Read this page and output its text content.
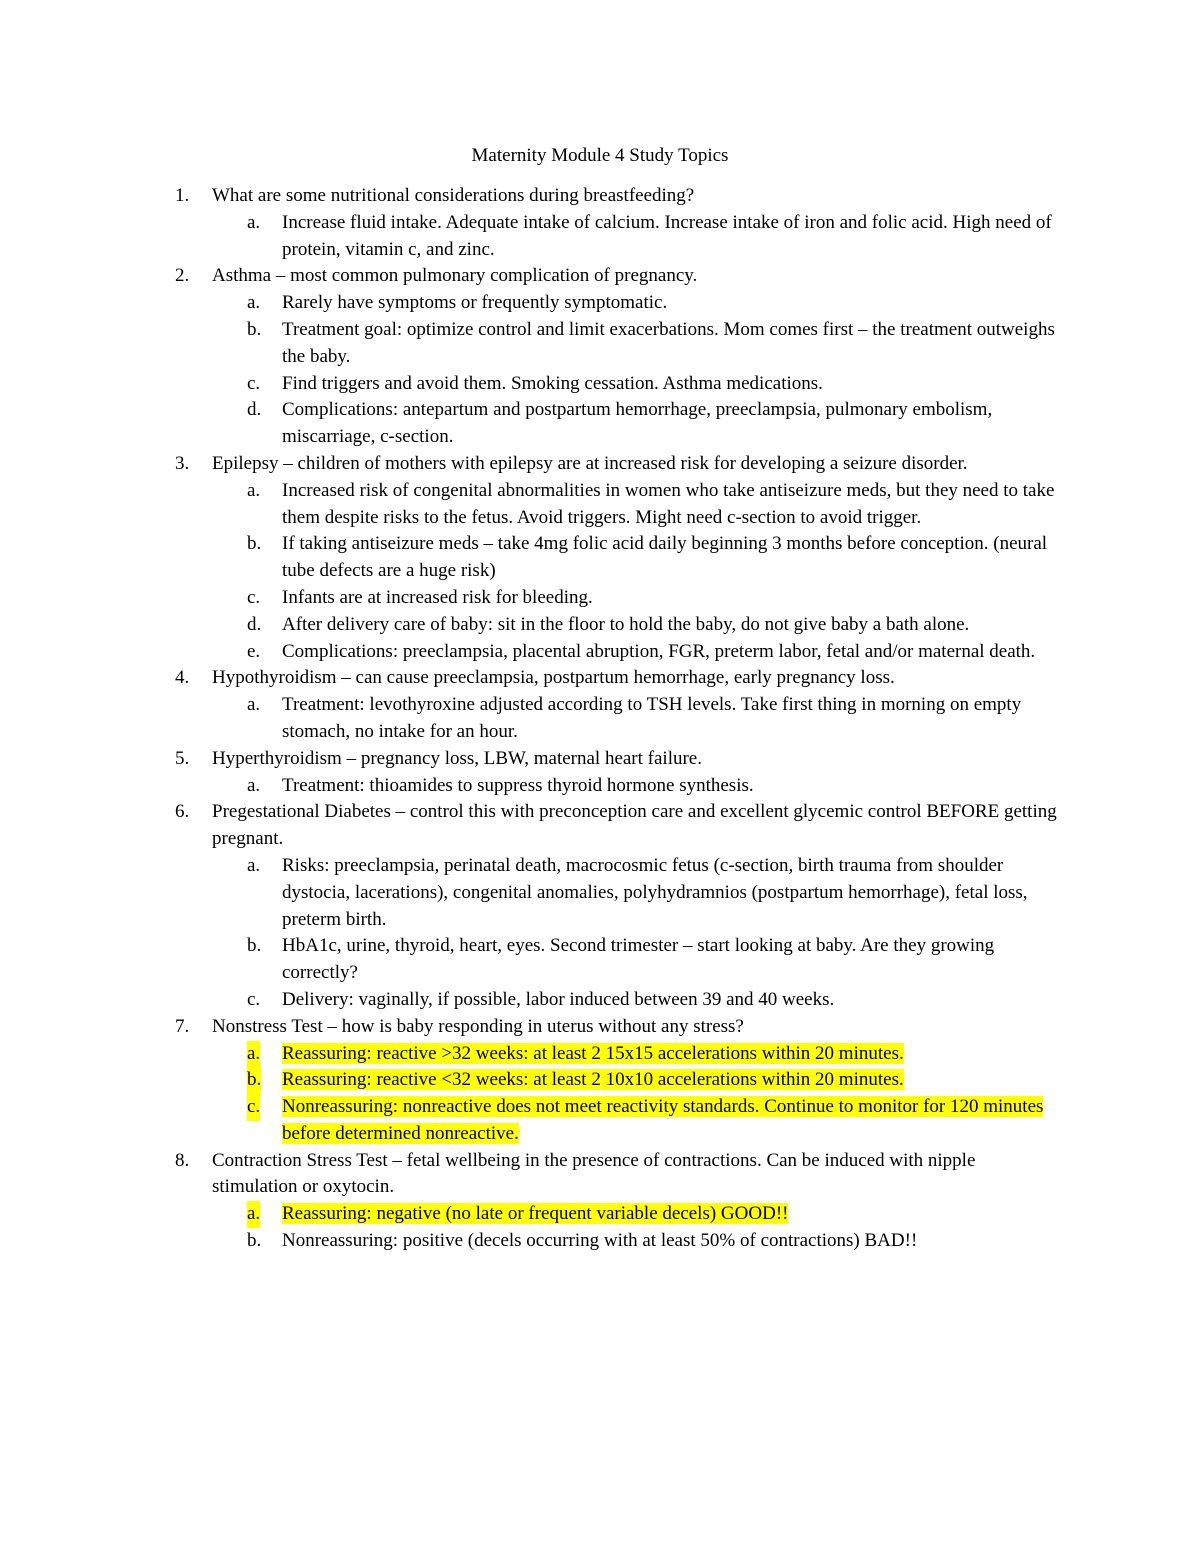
Maternity Module 4 Study Topics
1. What are some nutritional considerations during breastfeeding?
a. Increase fluid intake. Adequate intake of calcium. Increase intake of iron and folic acid. High need of protein, vitamin c, and zinc.
2. Asthma – most common pulmonary complication of pregnancy.
a. Rarely have symptoms or frequently symptomatic.
b. Treatment goal: optimize control and limit exacerbations. Mom comes first – the treatment outweighs the baby.
c. Find triggers and avoid them. Smoking cessation. Asthma medications.
d. Complications: antepartum and postpartum hemorrhage, preeclampsia, pulmonary embolism, miscarriage, c-section.
3. Epilepsy – children of mothers with epilepsy are at increased risk for developing a seizure disorder.
a. Increased risk of congenital abnormalities in women who take antiseizure meds, but they need to take them despite risks to the fetus. Avoid triggers. Might need c-section to avoid trigger.
b. If taking antiseizure meds – take 4mg folic acid daily beginning 3 months before conception. (neural tube defects are a huge risk)
c. Infants are at increased risk for bleeding.
d. After delivery care of baby: sit in the floor to hold the baby, do not give baby a bath alone.
e. Complications: preeclampsia, placental abruption, FGR, preterm labor, fetal and/or maternal death.
4. Hypothyroidism – can cause preeclampsia, postpartum hemorrhage, early pregnancy loss.
a. Treatment: levothyroxine adjusted according to TSH levels. Take first thing in morning on empty stomach, no intake for an hour.
5. Hyperthyroidism – pregnancy loss, LBW, maternal heart failure.
a. Treatment: thioamides to suppress thyroid hormone synthesis.
6. Pregestational Diabetes – control this with preconception care and excellent glycemic control BEFORE getting pregnant.
a. Risks: preeclampsia, perinatal death, macrocosmic fetus (c-section, birth trauma from shoulder dystocia, lacerations), congenital anomalies, polyhydramnios (postpartum hemorrhage), fetal loss, preterm birth.
b. HbA1c, urine, thyroid, heart, eyes. Second trimester – start looking at baby. Are they growing correctly?
c. Delivery: vaginally, if possible, labor induced between 39 and 40 weeks.
7. Nonstress Test – how is baby responding in uterus without any stress?
a. Reassuring: reactive >32 weeks: at least 2 15x15 accelerations within 20 minutes.
b. Reassuring: reactive <32 weeks: at least 2 10x10 accelerations within 20 minutes.
c. Nonreassuring: nonreactive does not meet reactivity standards. Continue to monitor for 120 minutes before determined nonreactive.
8. Contraction Stress Test – fetal wellbeing in the presence of contractions. Can be induced with nipple stimulation or oxytocin.
a. Reassuring: negative (no late or frequent variable decels) GOOD!!
b. Nonreassuring: positive (decels occurring with at least 50% of contractions) BAD!!
